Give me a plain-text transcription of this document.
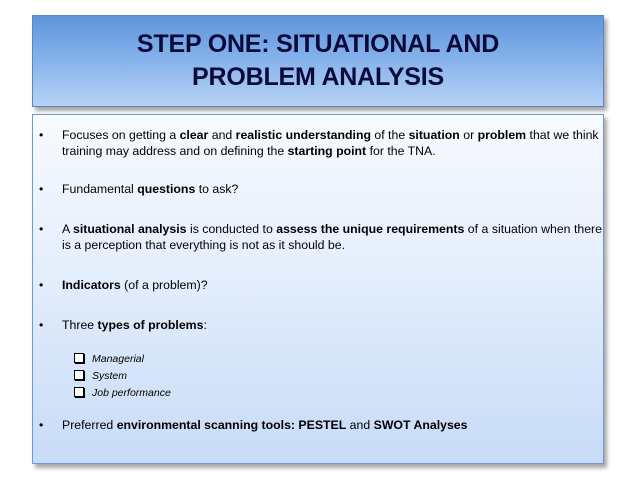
STEP ONE: SITUATIONAL AND PROBLEM ANALYSIS
• Focuses on getting a clear and realistic understanding of the situation or problem that we think training may address and on defining the starting point for the TNA.
• Fundamental questions to ask?
• A situational analysis is conducted to assess the unique requirements of a situation when there is a perception that everything is not as it should be.
• Indicators (of a problem)?
• Three types of problems:
Managerial
System
Job performance
• Preferred environmental scanning tools: PESTEL and SWOT Analyses
